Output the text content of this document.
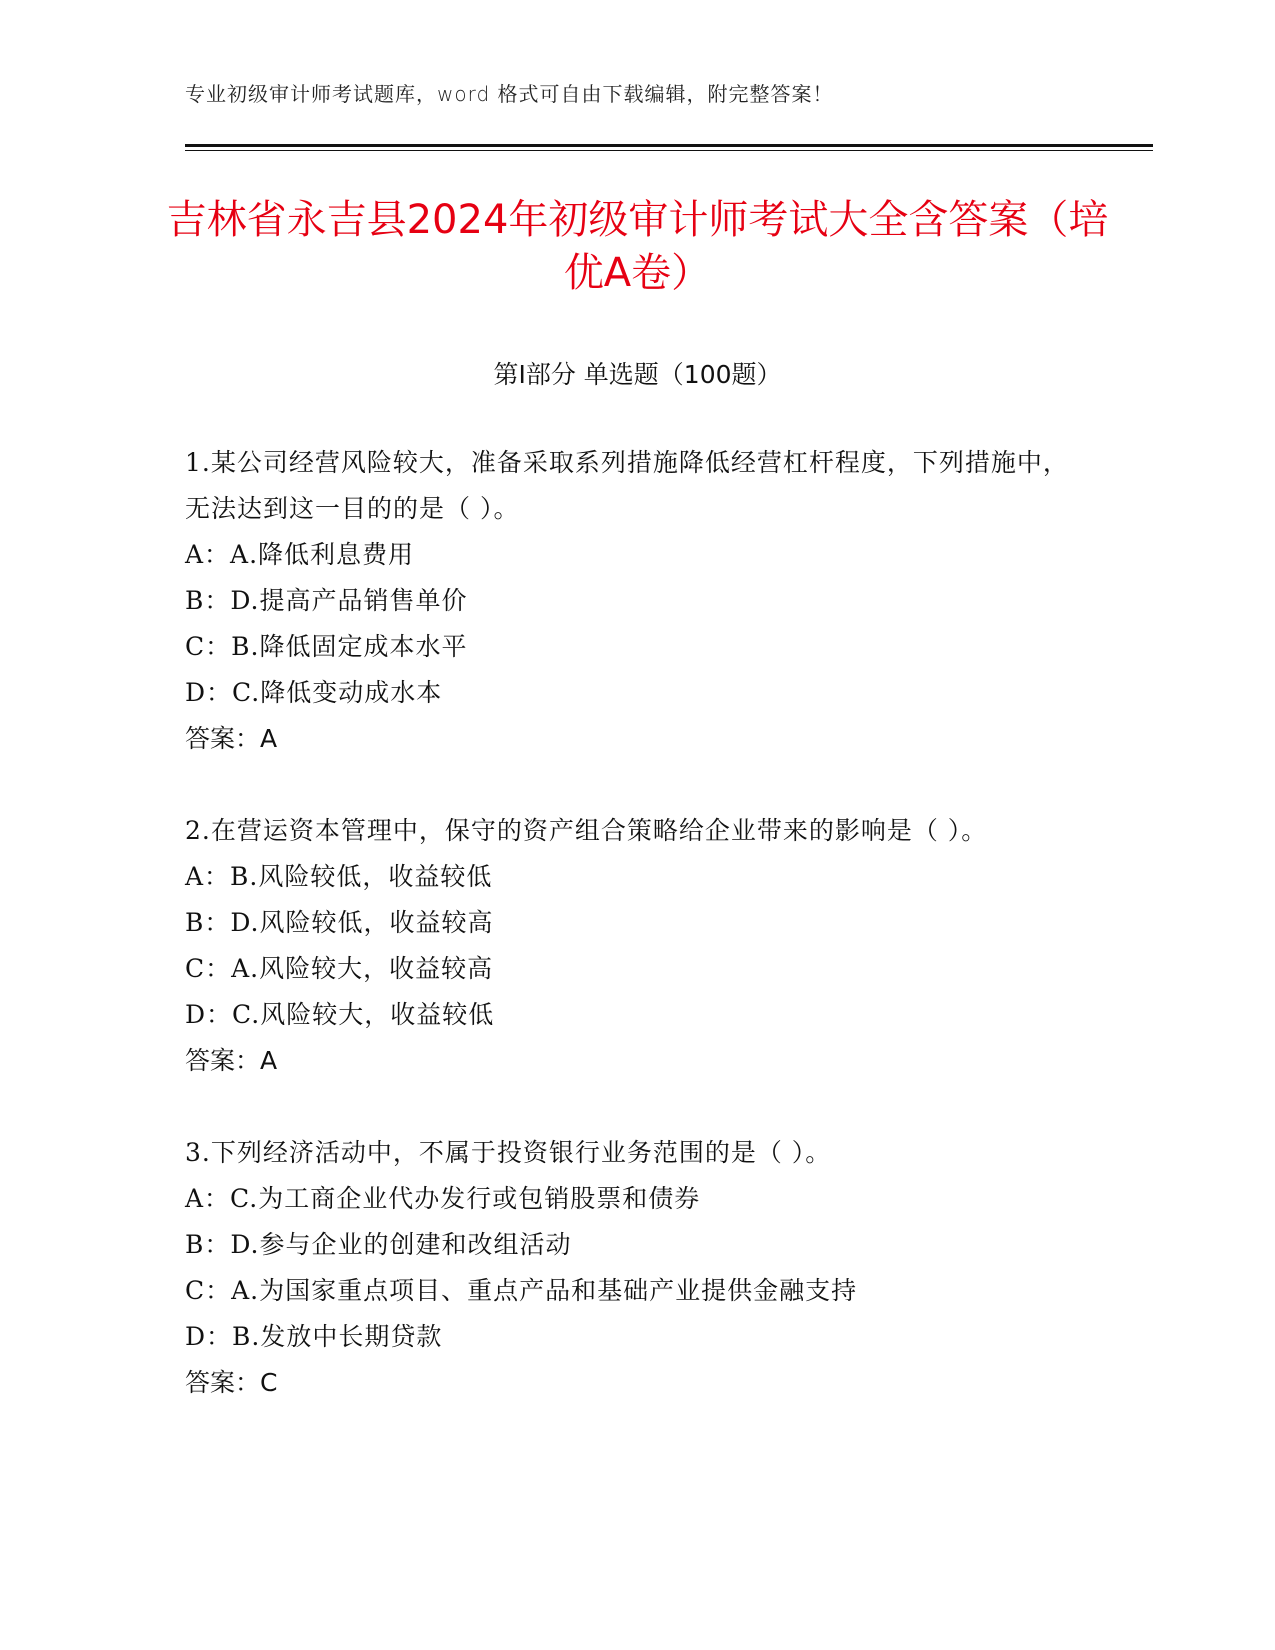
专业初级审计师考试题库，word 格式可自由下载编辑，附完整答案！
吉林省永吉县2024年初级审计师考试大全含答案（培优A卷）
第Ⅰ部分 单选题（100题）
1.某公司经营风险较大，准备采取系列措施降低经营杠杆程度，下列措施中，无法达到这一目的的是（ ）。
A：A.降低利息费用
B：D.提高产品销售单价
C：B.降低固定成本水平
D：C.降低变动成水本
答案：A
2.在营运资本管理中，保守的资产组合策略给企业带来的影响是（ ）。
A：B.风险较低，收益较低
B：D.风险较低，收益较高
C：A.风险较大，收益较高
D：C.风险较大，收益较低
答案：A
3.下列经济活动中，不属于投资银行业务范围的是（ ）。
A：C.为工商企业代办发行或包销股票和债券
B：D.参与企业的创建和改组活动
C：A.为国家重点项目、重点产品和基础产业提供金融支持
D：B.发放中长期贷款
答案：C
